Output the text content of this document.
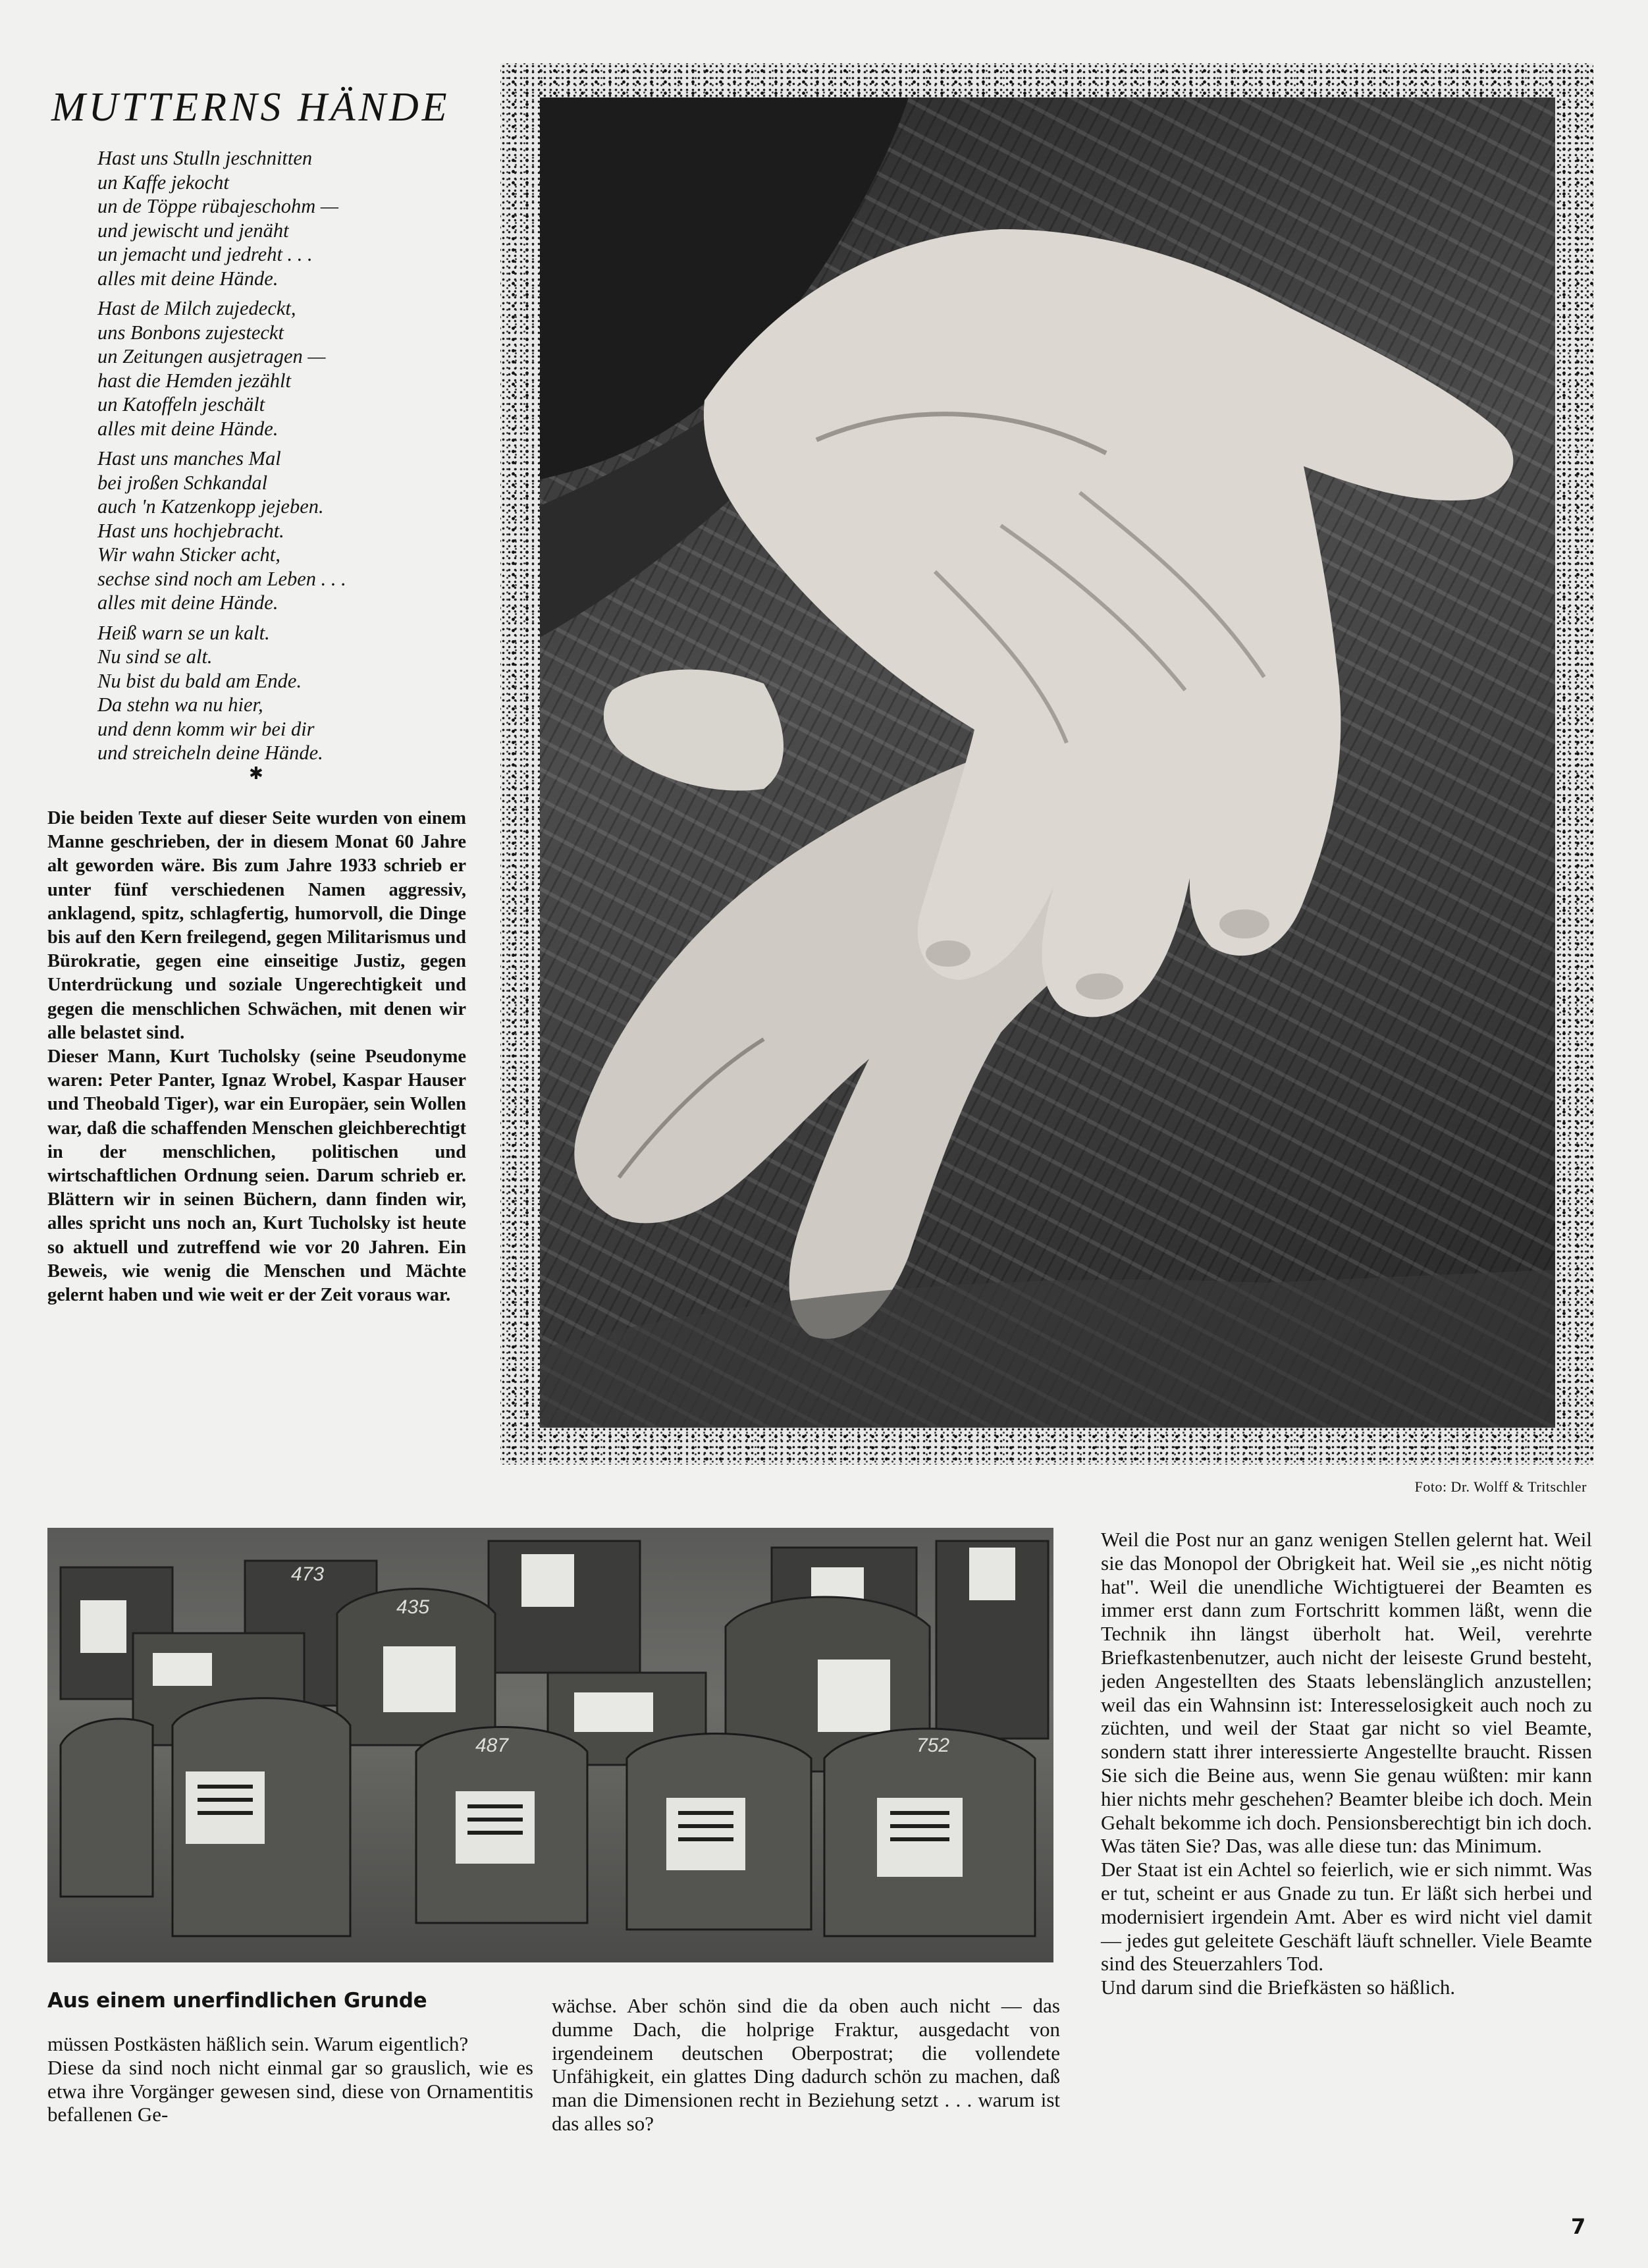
MUTTERNS HÄNDE
Hast uns Stulln jeschnitten
un Kaffe jekocht
un de Töppe rübajeschohm —
und jewischt und jenäht
un jemacht und jedreht . . .
alles mit deine Hände.
Hast de Milch zujedeckt,
uns Bonbons zujesteckt
un Zeitungen ausjetragen —
hast die Hemden jezählt
un Katoffeln jeschält
alles mit deine Hände.
Hast uns manches Mal
bei jroßen Schkandal
auch 'n Katzenkopp jejeben.
Hast uns hochjebracht.
Wir wahn Sticker acht,
sechse sind noch am Leben . . .
alles mit deine Hände.
Heiß warn se un kalt.
Nu sind se alt.
Nu bist du bald am Ende.
Da stehn wa nu hier,
und denn komm wir bei dir
und streicheln deine Hände.
✱

Die beiden Texte auf dieser Seite wurden von einem Manne geschrieben, der in diesem Monat 60 Jahre alt geworden wäre. Bis zum Jahre 1933 schrieb er unter fünf verschiedenen Namen aggressiv, anklagend, spitz, schlagfertig, humorvoll, die Dinge bis auf den Kern freilegend, gegen Militarismus und Bürokratie, gegen eine einseitige Justiz, gegen Unterdrückung und soziale Ungerechtigkeit und gegen die menschlichen Schwächen, mit denen wir alle belastet sind.

Dieser Mann, Kurt Tucholsky (seine Pseudonyme waren: Peter Panter, Ignaz Wrobel, Kaspar Hauser und Theobald Tiger), war ein Europäer, sein Wollen war, daß die schaffenden Menschen gleichberechtigt in der menschlichen, politischen und wirtschaftlichen Ordnung seien. Darum schrieb er. Blättern wir in seinen Büchern, dann finden wir, alles spricht uns noch an, Kurt Tucholsky ist heute so aktuell und zutreffend wie vor 20 Jahren. Ein Beweis, wie wenig die Menschen und Mächte gelernt haben und wie weit er der Zeit voraus war.

Foto: Dr. Wolff & Tritschler
473
435
487	752
Aus einem unerfindlichen Grunde

müssen Postkästen häßlich sein. Warum eigentlich?

Diese da sind noch nicht einmal gar so grauslich, wie es etwa ihre Vorgänger gewesen sind, diese von Ornamentitis befallenen Ge-

wächse. Aber schön sind die da oben auch nicht — das dumme Dach, die holprige Fraktur, ausgedacht von irgendeinem deutschen Oberpostrat; die vollendete Unfähigkeit, ein glattes Ding dadurch schön zu machen, daß man die Dimensionen recht in Beziehung setzt . . . warum ist das alles so?

Weil die Post nur an ganz wenigen Stellen gelernt hat. Weil sie das Monopol der Obrigkeit hat. Weil sie „es nicht nötig hat". Weil die unendliche Wichtigtuerei der Beamten es immer erst dann zum Fortschritt kommen läßt, wenn die Technik ihn längst überholt hat. Weil, verehrte Briefkastenbenutzer, auch nicht der leiseste Grund besteht, jeden Angestellten des Staats lebenslänglich anzustellen; weil das ein Wahnsinn ist: Interesselosigkeit auch noch zu züchten, und weil der Staat gar nicht so viel Beamte, sondern statt ihrer interessierte Angestellte braucht. Rissen Sie sich die Beine aus, wenn Sie genau wüßten: mir kann hier nichts mehr geschehen? Beamter bleibe ich doch. Mein Gehalt bekomme ich doch. Pensionsberechtigt bin ich doch. Was täten Sie? Das, was alle diese tun: das Minimum.

Der Staat ist ein Achtel so feierlich, wie er sich nimmt. Was er tut, scheint er aus Gnade zu tun. Er läßt sich herbei und modernisiert irgendein Amt. Aber es wird nicht viel damit — jedes gut geleitete Geschäft läuft schneller. Viele Beamte sind des Steuerzahlers Tod.

Und darum sind die Briefkästen so häßlich.

7
